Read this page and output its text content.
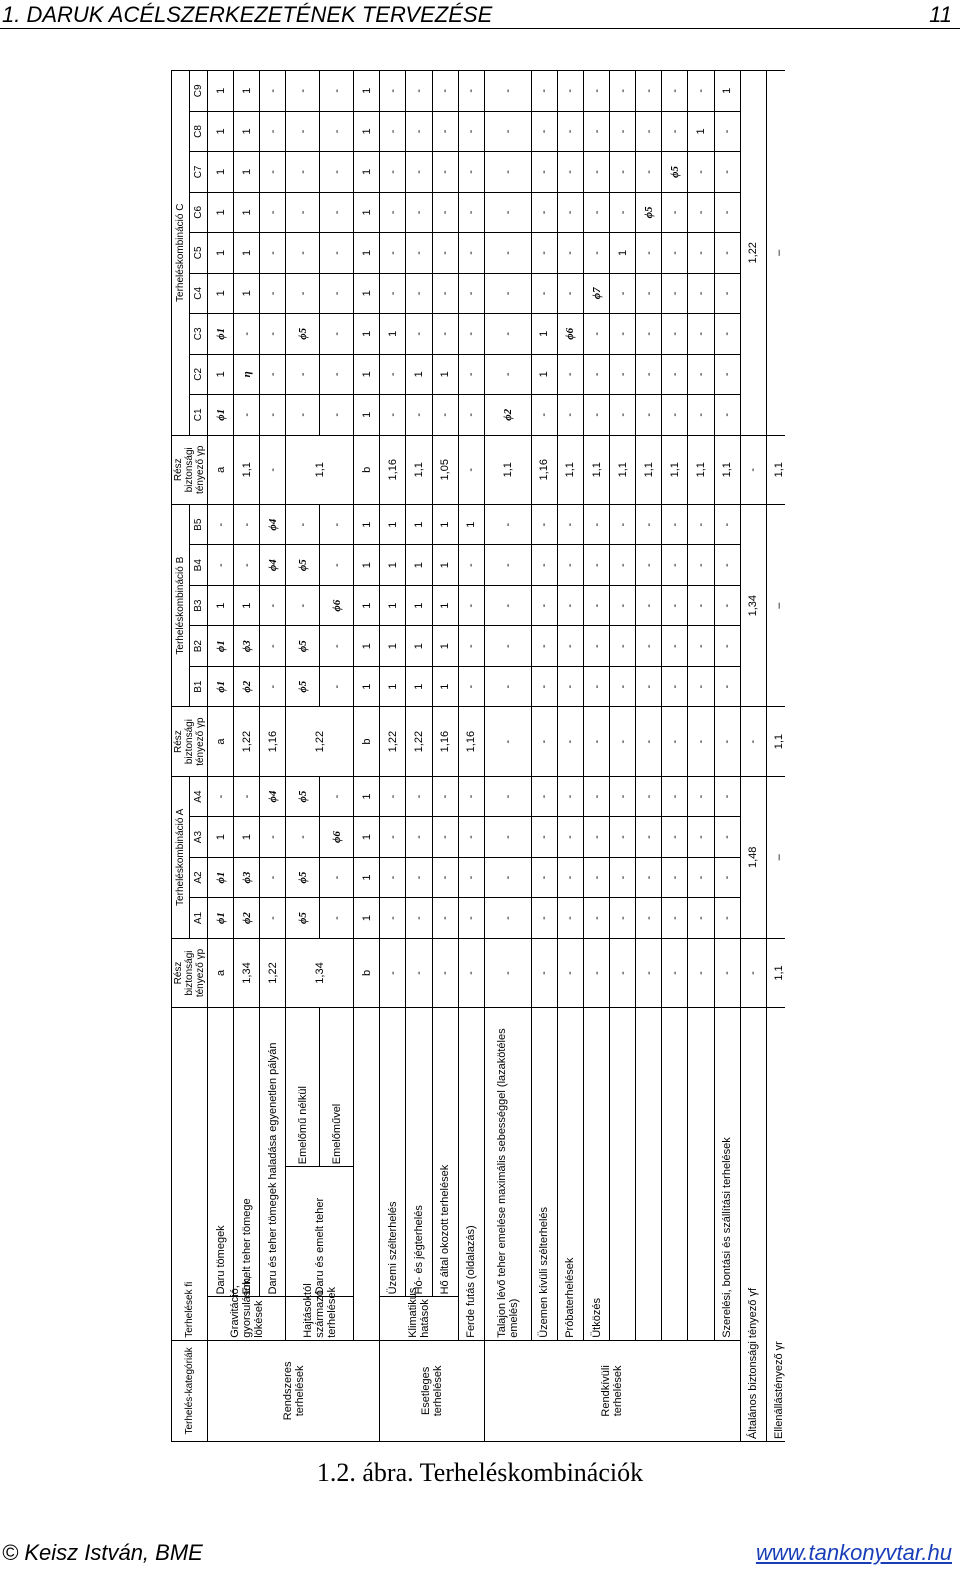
1. DARUK ACÉLSZERKEZETÉNEK TERVEZÉSE	11
Terhelés-kategóriák	Terhelések fi			Rész biztonsági tényező γp	Terheléskombináció A				Rész biztonsági tényező γp	Terheléskombináció B					Rész biztonsági tényező γp	Terheléskombináció C								
					A1	A2	A3	A4		B1	B2	B3	B4	B5		C1	C2	C3	C4	C5	C6	C7	C8	C9
Rendszeres terhelések	Gravitáció, gyorsulások, lökések	Daru tömegek		a	ϕ1	ϕ1	1	-	a	ϕ1	ϕ1	1	-	-	a	ϕ1	1	ϕ1	1	1	1	1	1	1
		Emelt teher tömege		1,34	ϕ2	ϕ3	1	-	1,22	ϕ2	ϕ3	1	-	-	1,1	-	η	-	1	1	1	1	1	1
		Daru és teher tömegek haladása egyenetlen pályán		1,22	-	-	-	ϕ4	1,16	-	-	-	ϕ4	ϕ4	-	-	-	-	-	-	-	-	-	-
	Hajtásoktól származó terhelések	Daru és emelt teher	Emelőmű nélkül	1,34	ϕ5	ϕ5	-	ϕ5	1,22	ϕ5	ϕ5	-	ϕ5	-	1,1	-	-	ϕ5	-	-	-	-	-	-
			Emelőművel		-	-	ϕ6	-		-	-	ϕ6	-	-		-	-	-	-	-	-	-	-	-
				b	1	1	1	1	b	1	1	1	1	1	b	1	1	1	1	1	1	1	1	1
Esetleges terhelések	Klimatikus hatások	Üzemi szélterhelés		-	-	-	-	-	1,22	1	1	1	1	1	1,16	-	-	1	-	-	-	-	-	-
		Hó- és jégterhelés		-	-	-	-	-	1,22	1	1	1	1	1	1,1	-	1	-	-	-	-	-	-	-
		Hő által okozott terhelések		-	-	-	-	-	1,16	1	1	1	1	1	1,05	-	1	-	-	-	-	-	-	-
	Ferde futás (oldalazás)			-	-	-	-	-	1,16	-	-	-	-	1	-	-	-	-	-	-	-	-	-	-
Rendkívüli terhelések	Talajon lévő teher emelése maximális sebességgel (lazakötéles emelés)			-	-	-	-	-	-	-	-	-	-	-	1,1	ϕ2	-	-	-	-	-	-	-	-
	Üzemen kívüli szélterhelés			-	-	-	-	-	-	-	-	-	-	-	1,16	-	1	1	-	-	-	-	-	-
	Próbaterhelések			-	-	-	-	-	-	-	-	-	-	-	1,1	-	-	ϕ6	-	-	-	-	-	-
	Ütközés			-	-	-	-	-	-	-	-	-	-	-	1,1	-	-	-	ϕ7	-	-	-	-	-
				-	-	-	-	-	-	-	-	-	-	-	1,1	-	-	-	-	1	-	-	-	-
				-	-	-	-	-	-	-	-	-	-	-	1,1	-	-	-	-	-	ϕ5	-	-	-
				-	-	-	-	-	-	-	-	-	-	-	1,1	-	-	-	-	-	-	ϕ5	-	-
				-	-	-	-	-	-	-	-	-	-	-	1,1	-	-	-	-	-	-	-	1	-
	Szerelési, bontási és szállítási terhelések			-	-	-	-	-	-	-	-	-	-	-	1,1	-	-	-	-	-	-	-	-	1
Általános biztonsági tényező γf				-	1,48				-	1,34					-	1,22								
Ellenállástényező γr				1,1	–				1,1	–					1,1	–								
1.2. ábra. Terheléskombinációk
© Keisz István, BME	www.tankonyvtar.hu
